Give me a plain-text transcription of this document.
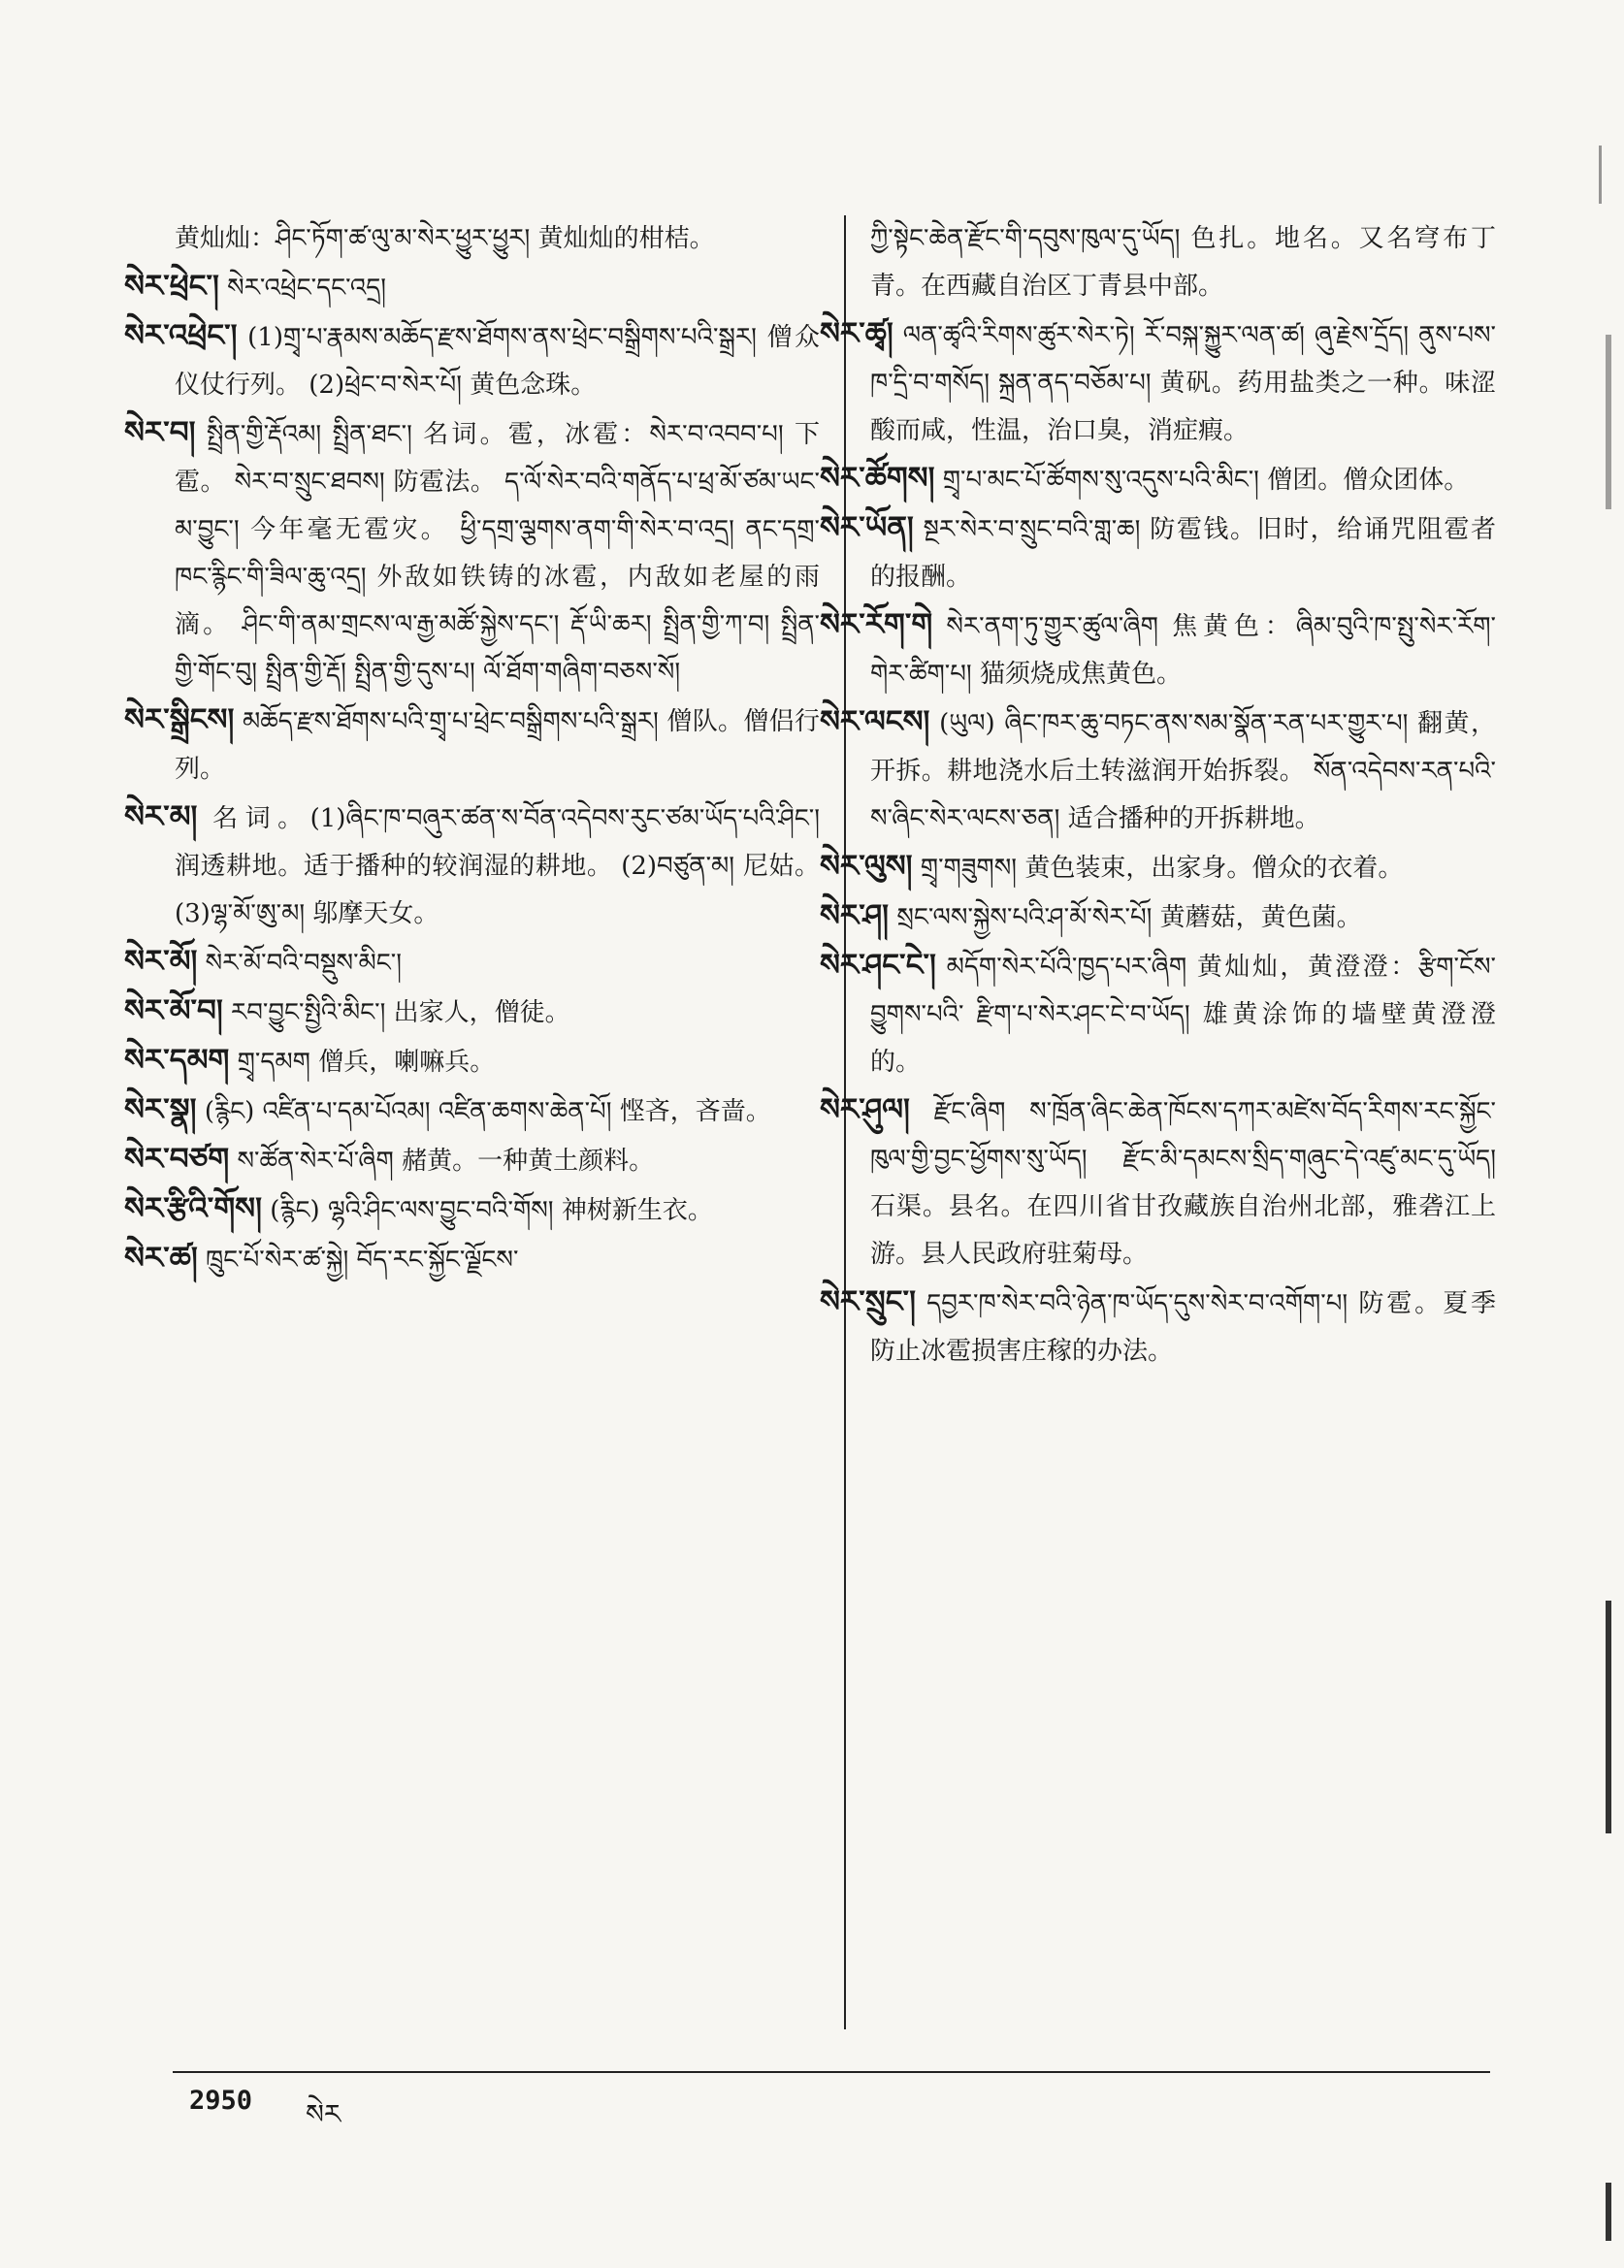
黄灿灿：ཤིང་ཏོག་ཚ་ལུ་མ་སེར་ཕྱུར་ཕྱུར། 黄灿灿的柑桔。

སེར་ཕྲེང་། སེར་འཕྲེང་དང་འདྲ།

སེར་འཕྲེང་། (1)གྲྭ་པ་རྣམས་མཆོད་རྫས་ཐོགས་ནས་ཕྲེང་བསྒྲིགས་པའི་སྒྲར། 僧众仪仗行列。 (2)ཕྲེང་བ་སེར་པོ། 黄色念珠。

སེར་བ། སྤྲིན་གྱི་རྡོའམ། སྤྲིན་ཐང་། 名词。雹，冰雹：སེར་བ་འབབ་པ། 下雹。 སེར་བ་སྲུང་ཐབས། 防雹法。 ད་ལོ་སེར་བའི་གནོད་པ་ཕྲ་མོ་ཙམ་ཡང་མ་བྱུང་། 今年毫无雹灾。 ཕྱི་དགྲ་ལྕགས་ནག་གི་སེར་བ་འདྲ། ནང་དགྲ་ཁང་རྙིང་གི་ཟིལ་ཆུ་འདྲ། 外敌如铁铸的冰雹，内敌如老屋的雨滴。 ཤིང་གི་ནམ་གྲངས་ལ་རྒྱ་མཚོ་སྐྱེས་དང་། རྡོ་ཡི་ཆར། སྤྲིན་གྱི་ཀ་བ། སྤྲིན་གྱི་གོང་བུ། སྤྲིན་གྱི་རྡོ། སྤྲིན་གྱི་དུས་པ། ལོ་ཐོག་གཞིག་བཅས་སོ།

སེར་སྒྲིངས། མཆོད་རྫས་ཐོགས་པའི་གྲྭ་པ་ཕྲེང་བསྒྲིགས་པའི་སྒྲར། 僧队。僧侣行列。

སེར་མ། 名词。(1)ཞིང་ཁ་བཞུར་ཚན་ས་བོན་འདེབས་རུང་ཙམ་ཡོད་པའི་ཤིང་། 润透耕地。适于播种的较润湿的耕地。 (2)བཙུན་མ། 尼姑。 (3)ལྷ་མོ་ཨུ་མ། 邬摩天女。

སེར་མོ། སེར་མོ་བའི་བསྡུས་མིང་།

སེར་མོ་བ། རབ་བྱུང་སྤྱིའི་མིང་། 出家人，僧徒。

སེར་དམག གྲྭ་དམག 僧兵，喇嘛兵。

སེར་སྣ། (རྙིང) འཛིན་པ་དམ་པོའམ། འཛིན་ཆགས་ཆེན་པོ། 悭吝，吝啬。

སེར་བཙག ས་ཚོན་སེར་པོ་ཞིག 赭黄。一种黄土颜料。

སེར་རྩིའི་གོས། (རྙིང) ལྷའི་ཤིང་ལས་བྱུང་བའི་གོས། 神树新生衣。

སེར་ཚ། ཁྲུང་པོ་སེར་ཚ་སྐྱེ། བོད་རང་སྐྱོང་ལྗོངས་

ཀྱི་སྟེང་ཆེན་རྫོང་གི་དབུས་ཁུལ་དུ་ཡོད། 色扎。地名。又名穹布丁青。在西藏自治区丁青县中部。

སེར་ཚྭ། ལན་ཚྭའི་རིགས་ཚུར་སེར་ཏེ། རོ་བསྐ་སྐྱུར་ལན་ཚ། ཞུ་རྗེས་དྲོད། ནུས་པས་ཁ་དྲི་བ་གསོད། སྐྲན་ནད་བཅོམ་པ། 黄矾。药用盐类之一种。味涩酸而咸，性温，治口臭，消症瘕。

སེར་ཚོགས། གྲྭ་པ་མང་པོ་ཚོགས་སུ་འདུས་པའི་མིང་། 僧团。僧众团体。

སེར་ཡོན། སྔར་སེར་བ་སྲུང་བའི་གླ་ཆ། 防雹钱。旧时，给诵咒阻雹者的报酬。

སེར་རོག་གེ སེར་ནག་ཏུ་གྱུར་ཚུལ་ཞིག 焦黄色：ཞིམ་བུའི་ཁ་སྤུ་སེར་རོག་གེར་ཚིག་པ། 猫须烧成焦黄色。

སེར་ལངས། (ཡུལ) ཞིང་ཁར་ཆུ་བཏང་ནས་སམ་སྣོན་རན་པར་གྱུར་པ། 翻黄，开拆。耕地浇水后土转滋润开始拆裂。 སོན་འདེབས་རན་པའི་ས་ཞིང་སེར་ལངས་ཅན། 适合播种的开拆耕地。

སེར་ལུས། གྲྭ་གཟུགས། 黄色装束，出家身。僧众的衣着。

སེར་ཤ། སྲང་ལས་སྐྱེས་པའི་ཤ་མོ་སེར་པོ། 黄蘑菇，黄色菌。

སེར་ཤང་ངེ་། མདོག་སེར་པོའི་ཁྱད་པར་ཞིག 黄灿灿，黄澄澄：རྩིག་ངོས་བྱུགས་པའི་ རྫིག་པ་སེར་ཤང་ངེ་བ་ཡོད། 雄黄涂饰的墙壁黄澄澄的。

སེར་ཤུལ། རྫོང་ཞིག ས་ཁྲོན་ཞིང་ཆེན་ཁོངས་དཀར་མཛེས་བོད་རིགས་རང་སྐྱོང་ཁུལ་གྱི་བྱང་ཕྱོགས་སུ་ཡོད། རྫོང་མི་དམངས་སྲིད་གཞུང་དེ་འཛུ་མང་དུ་ཡོད། 石渠。县名。在四川省甘孜藏族自治州北部，雅砻江上游。县人民政府驻菊母。

སེར་སྲུང་། དབྱར་ཁ་སེར་བའི་ཉེན་ཁ་ཡོད་དུས་སེར་བ་འགོག་པ། 防雹。夏季防止冰雹损害庄稼的办法。

2950 སེར
